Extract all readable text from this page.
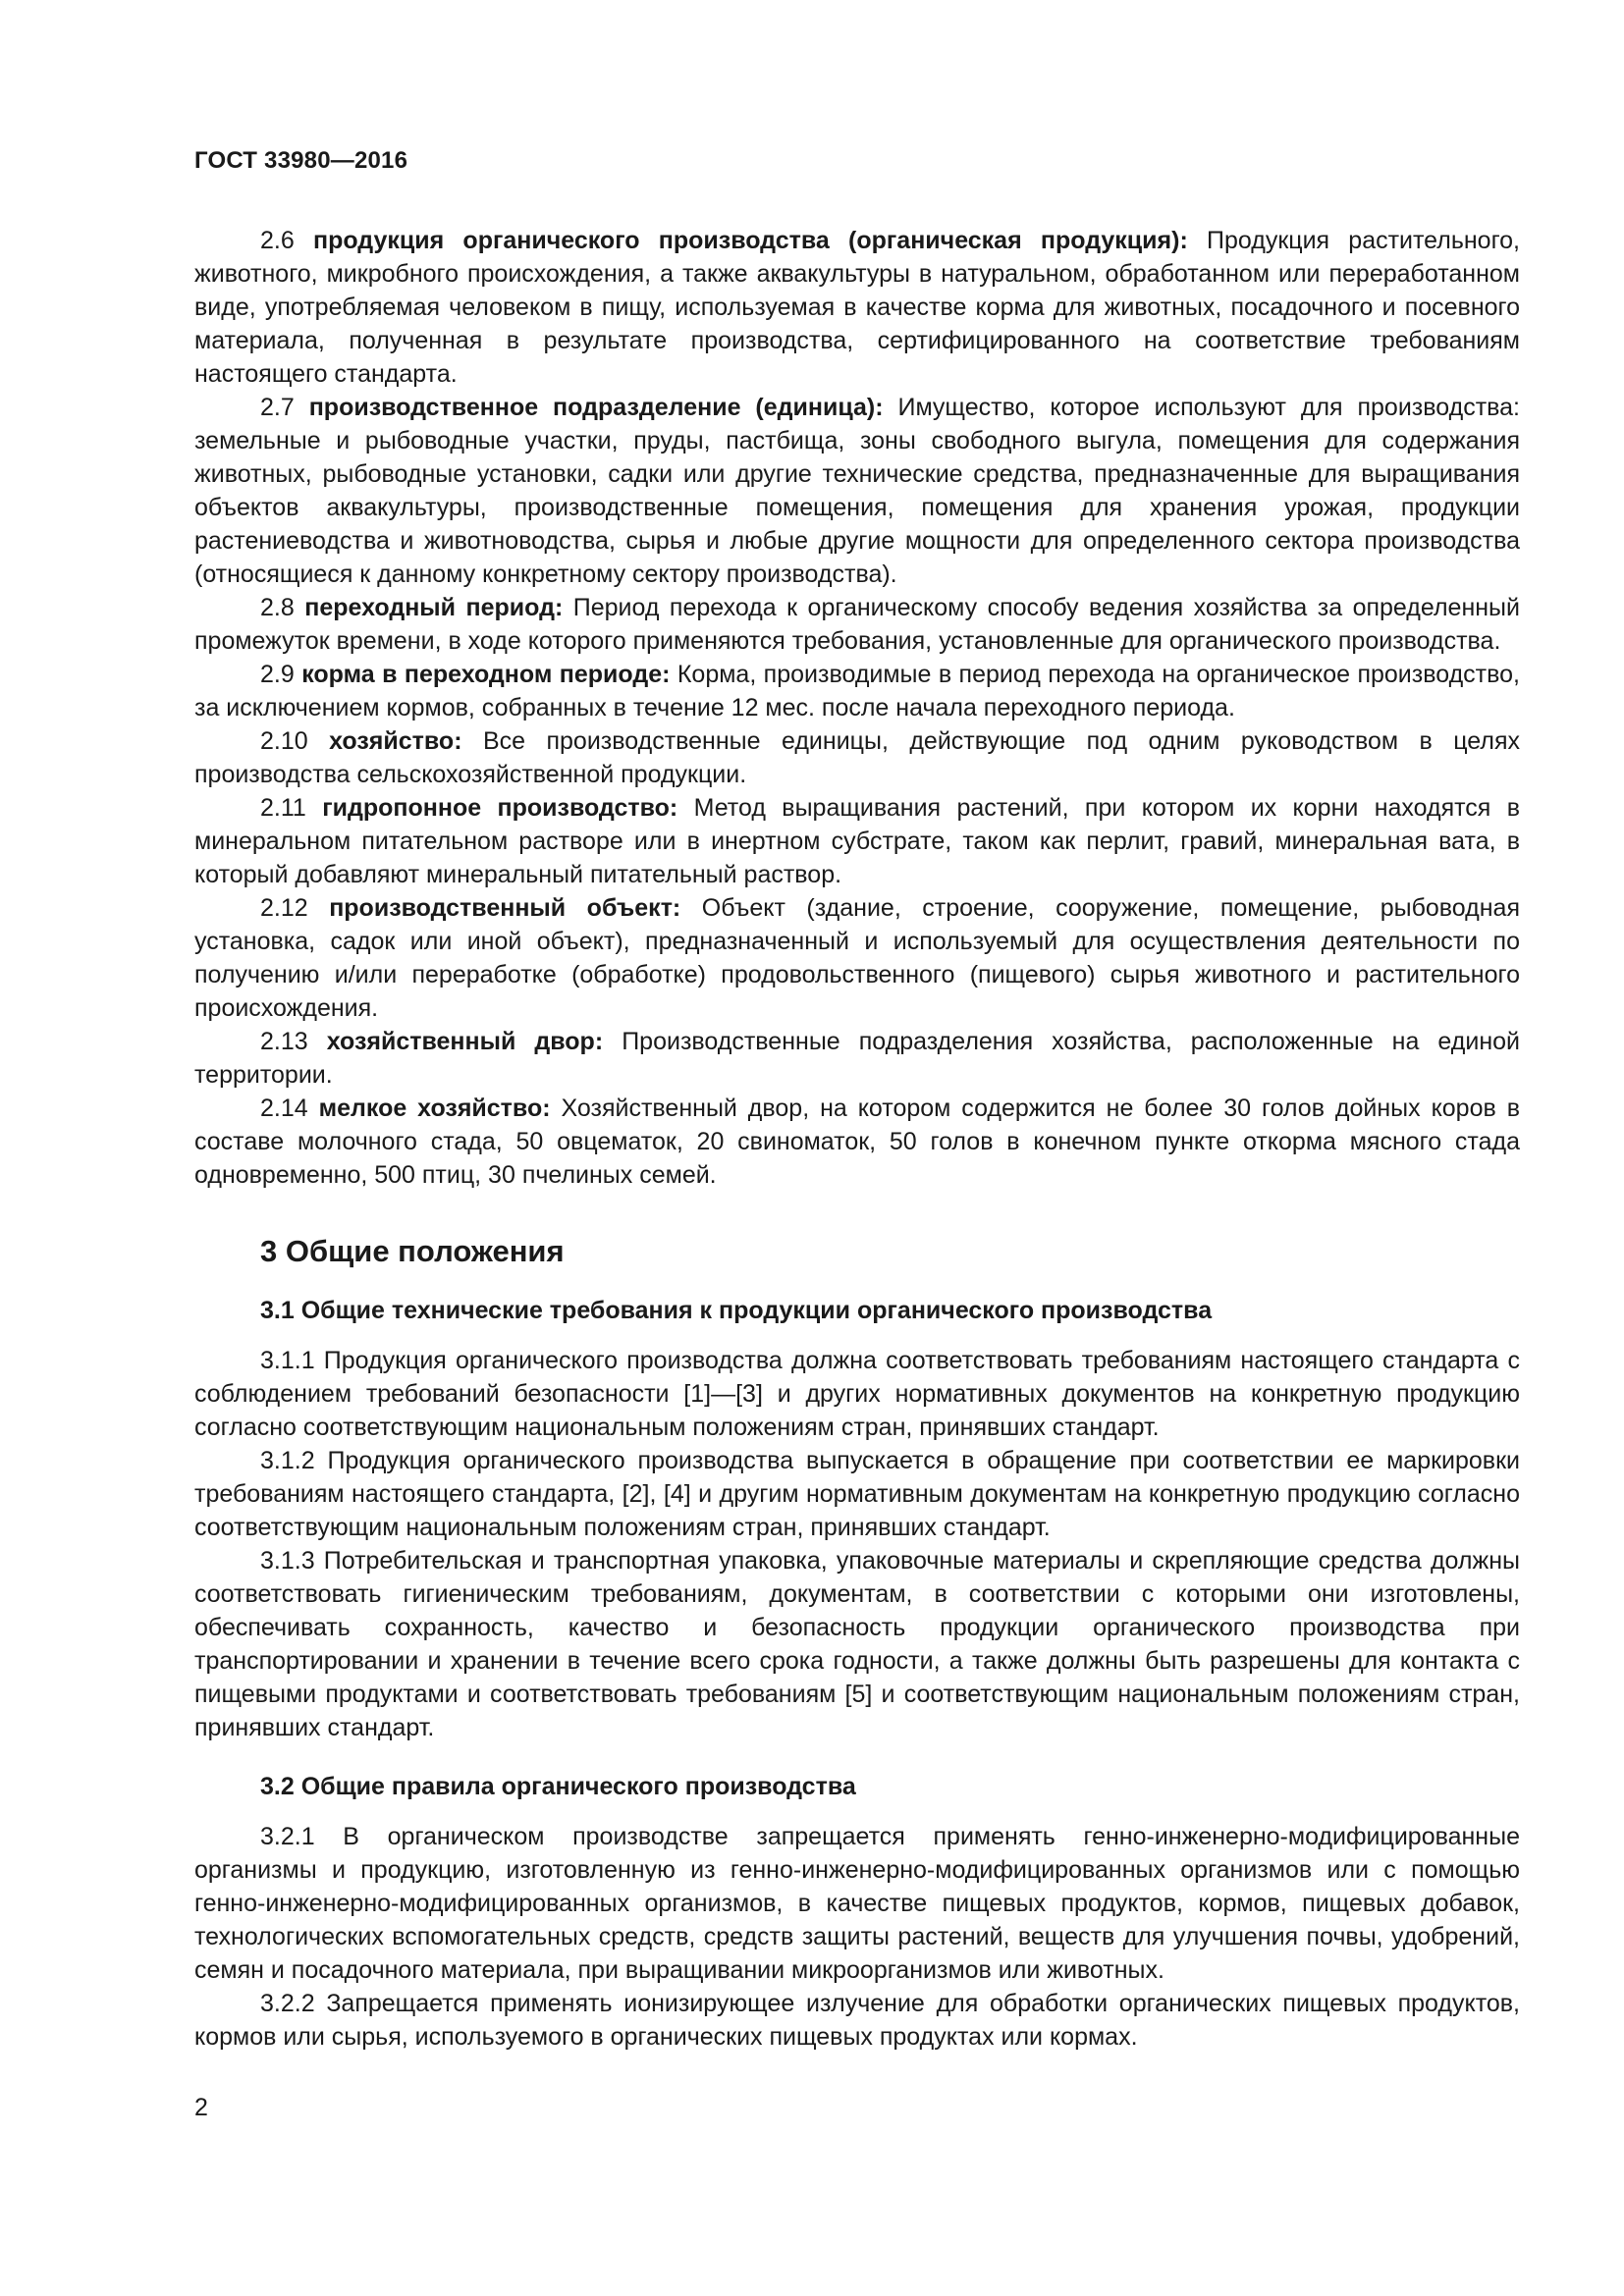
ГОСТ 33980—2016

2.6 продукция органического производства (органическая продукция): Продукция растительного, животного, микробного происхождения, а также аквакультуры в натуральном, обработанном или переработанном виде, употребляемая человеком в пищу, используемая в качестве корма для животных, посадочного и посевного материала, полученная в результате производства, сертифицированного на соответствие требованиям настоящего стандарта.

2.7 производственное подразделение (единица): Имущество, которое используют для производства: земельные и рыбоводные участки, пруды, пастбища, зоны свободного выгула, помещения для содержания животных, рыбоводные установки, садки или другие технические средства, предназначенные для выращивания объектов аквакультуры, производственные помещения, помещения для хранения урожая, продукции растениеводства и животноводства, сырья и любые другие мощности для определенного сектора производства (относящиеся к данному конкретному сектору производства).

2.8 переходный период: Период перехода к органическому способу ведения хозяйства за определенный промежуток времени, в ходе которого применяются требования, установленные для органического производства.

2.9 корма в переходном периоде: Корма, производимые в период перехода на органическое производство, за исключением кормов, собранных в течение 12 мес. после начала переходного периода.

2.10 хозяйство: Все производственные единицы, действующие под одним руководством в целях производства сельскохозяйственной продукции.

2.11 гидропонное производство: Метод выращивания растений, при котором их корни находятся в минеральном питательном растворе или в инертном субстрате, таком как перлит, гравий, минеральная вата, в который добавляют минеральный питательный раствор.

2.12 производственный объект: Объект (здание, строение, сооружение, помещение, рыбоводная установка, садок или иной объект), предназначенный и используемый для осуществления деятельности по получению и/или переработке (обработке) продовольственного (пищевого) сырья животного и растительного происхождения.

2.13 хозяйственный двор: Производственные подразделения хозяйства, расположенные на единой территории.

2.14 мелкое хозяйство: Хозяйственный двор, на котором содержится не более 30 голов дойных коров в составе молочного стада, 50 овцематок, 20 свиноматок, 50 голов в конечном пункте откорма мясного стада одновременно, 500 птиц, 30 пчелиных семей.

3 Общие положения
3.1 Общие технические требования к продукции органического производства

3.1.1 Продукция органического производства должна соответствовать требованиям настоящего стандарта с соблюдением требований безопасности [1]—[3] и других нормативных документов на конкретную продукцию согласно соответствующим национальным положениям стран, принявших стандарт.

3.1.2 Продукция органического производства выпускается в обращение при соответствии ее маркировки требованиям настоящего стандарта, [2], [4] и другим нормативным документам на конкретную продукцию согласно соответствующим национальным положениям стран, принявших стандарт.

3.1.3 Потребительская и транспортная упаковка, упаковочные материалы и скрепляющие средства должны соответствовать гигиеническим требованиям, документам, в соответствии с которыми они изготовлены, обеспечивать сохранность, качество и безопасность продукции органического производства при транспортировании и хранении в течение всего срока годности, а также должны быть разрешены для контакта с пищевыми продуктами и соответствовать требованиям [5] и соответствующим национальным положениям стран, принявших стандарт.

3.2 Общие правила органического производства

3.2.1 В органическом производстве запрещается применять генно-инженерно-модифицированные организмы и продукцию, изготовленную из генно-инженерно-модифицированных организмов или с помощью генно-инженерно-модифицированных организмов, в качестве пищевых продуктов, кормов, пищевых добавок, технологических вспомогательных средств, средств защиты растений, веществ для улучшения почвы, удобрений, семян и посадочного материала, при выращивании микроорганизмов или животных.

3.2.2 Запрещается применять ионизирующее излучение для обработки органических пищевых продуктов, кормов или сырья, используемого в органических пищевых продуктах или кормах.

2
